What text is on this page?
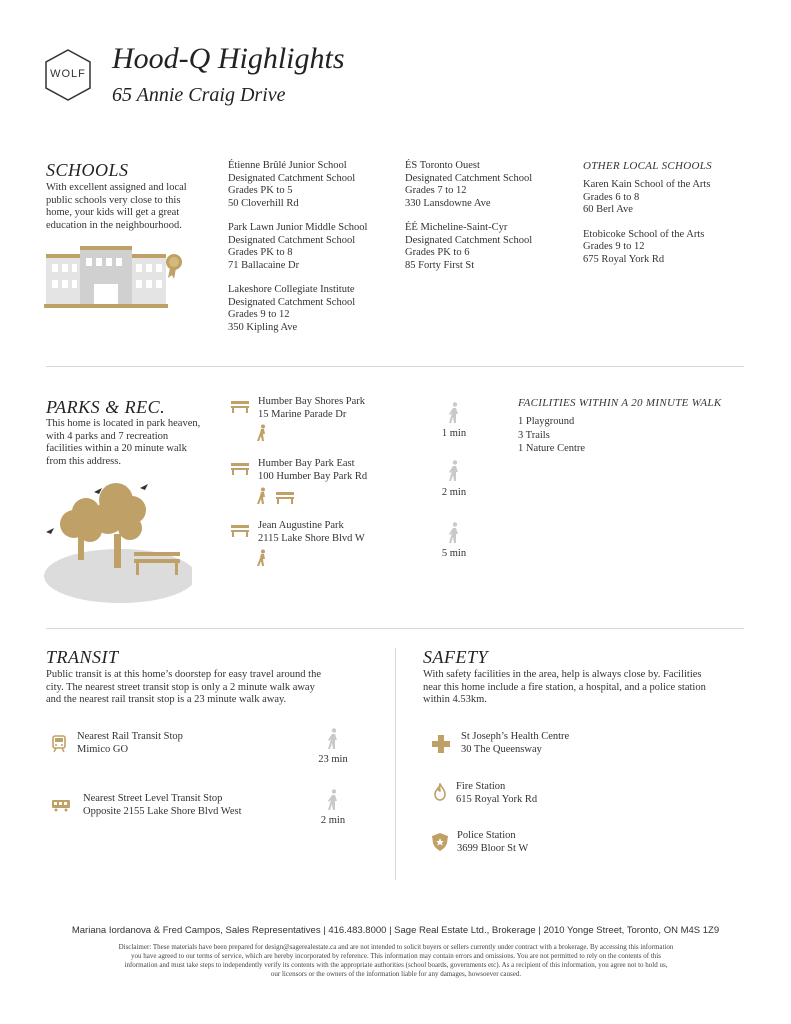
WOLF Hood-Q Highlights
65 Annie Craig Drive
SCHOOLS
With excellent assigned and local
public schools very close to this
home, your kids will get a great
education in the neighbourhood.
Étienne Brûlé Junior School
Designated Catchment School
Grades PK to 5
50 Cloverhill Rd
Park Lawn Junior Middle School
Designated Catchment School
Grades PK to 8
71 Ballacaine Dr
Lakeshore Collegiate Institute
Designated Catchment School
Grades 9 to 12
350 Kipling Ave
ÉS Toronto Ouest
Designated Catchment School
Grades 7 to 12
330 Lansdowne Ave
ÉÉ Micheline-Saint-Cyr
Designated Catchment School
Grades PK to 6
85 Forty First St
OTHER LOCAL SCHOOLS
Karen Kain School of the Arts
Grades 6 to 8
60 Berl Ave
Etobicoke School of the Arts
Grades 9 to 12
675 Royal York Rd
PARKS & REC.
This home is located in park heaven,
with 4 parks and 7 recreation
facilities within a 20 minute walk
from this address.
Humber Bay Shores Park
15 Marine Parade Dr
1 min
Humber Bay Park East
100 Humber Bay Park Rd
2 min
Jean Augustine Park
2115 Lake Shore Blvd W
5 min
FACILITIES WITHIN A 20 MINUTE WALK
1 Playground
3 Trails
1 Nature Centre
TRANSIT
Public transit is at this home’s doorstep for easy travel around the
city. The nearest street transit stop is only a 2 minute walk away
and the nearest rail transit stop is a 23 minute walk away.
Nearest Rail Transit Stop
Mimico GO
23 min
Nearest Street Level Transit Stop
Opposite 2155 Lake Shore Blvd West
2 min
SAFETY
With safety facilities in the area, help is always close by. Facilities
near this home include a fire station, a hospital, and a police station
within 4.53km.
St Joseph’s Health Centre
30 The Queensway
Fire Station
615 Royal York Rd
Police Station
3699 Bloor St W
Mariana Iordanova & Fred Campos, Sales Representatives | 416.483.8000 | Sage Real Estate Ltd., Brokerage | 2010 Yonge Street, Toronto, ON M4S 1Z9
Disclaimer: These materials have been prepared for design@sagerealestate.ca and are not intended to solicit buyers or sellers currently under contract with a brokerage. By accessing this information
you have agreed to our terms of service, which are hereby incorporated by reference. This information may contain errors and omissions. You are not permitted to rely on the contents of this
information and must take steps to independently verify its contents with the appropriate authorities (school boards, governments etc). As a recipient of this information, you agree not to hold us,
our licensors or the owners of the information liable for any damages, howsoever caused.
